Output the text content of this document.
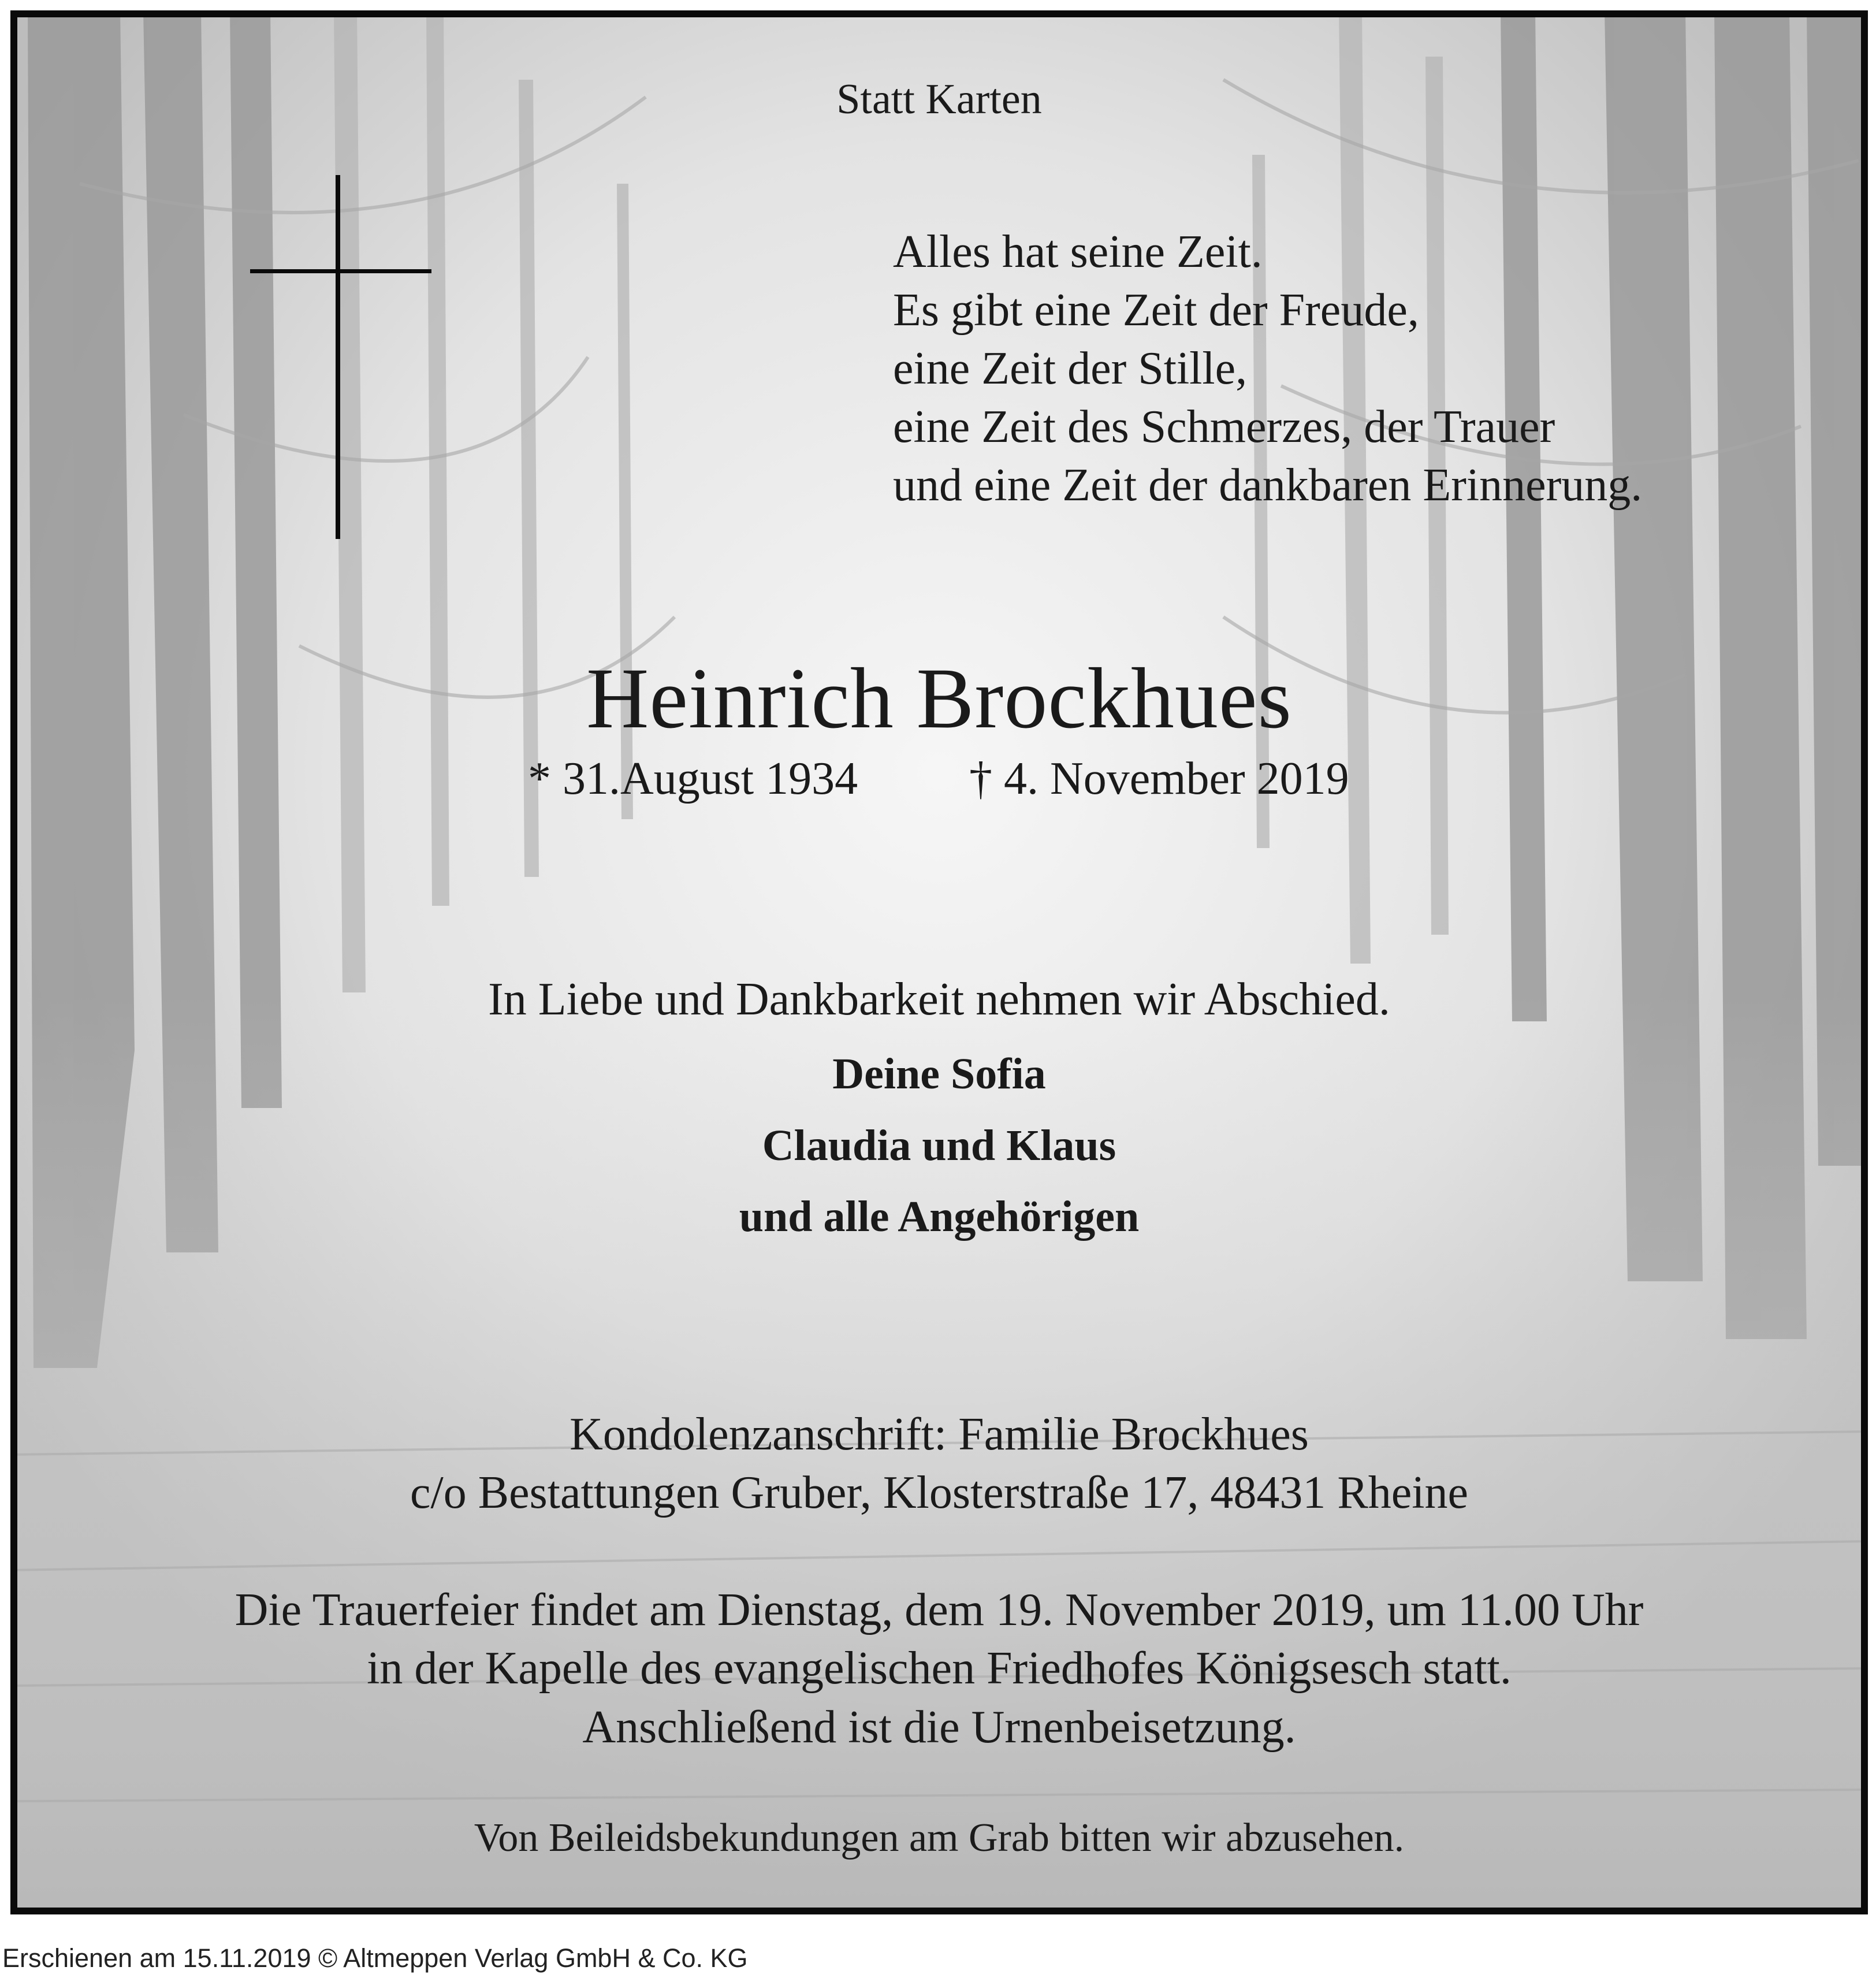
Statt Karten
Alles hat seine Zeit.
Es gibt eine Zeit der Freude,
eine Zeit der Stille,
eine Zeit des Schmerzes, der Trauer
und eine Zeit der dankbaren Erinnerung.
Heinrich Brockhues
* 31.August 1934 † 4. November 2019
In Liebe und Dankbarkeit nehmen wir Abschied.
Deine Sofia
Claudia und Klaus
und alle Angehörigen
Kondolenzanschrift: Familie Brockhues
c/o Bestattungen Gruber, Klosterstraße 17, 48431 Rheine
Die Trauerfeier findet am Dienstag, dem 19. November 2019, um 11.00 Uhr
in der Kapelle des evangelischen Friedhofes Königsesch statt.
Anschließend ist die Urnenbeisetzung.
Von Beileidsbekundungen am Grab bitten wir abzusehen.
Erschienen am 15.11.2019 © Altmeppen Verlag GmbH & Co. KG
